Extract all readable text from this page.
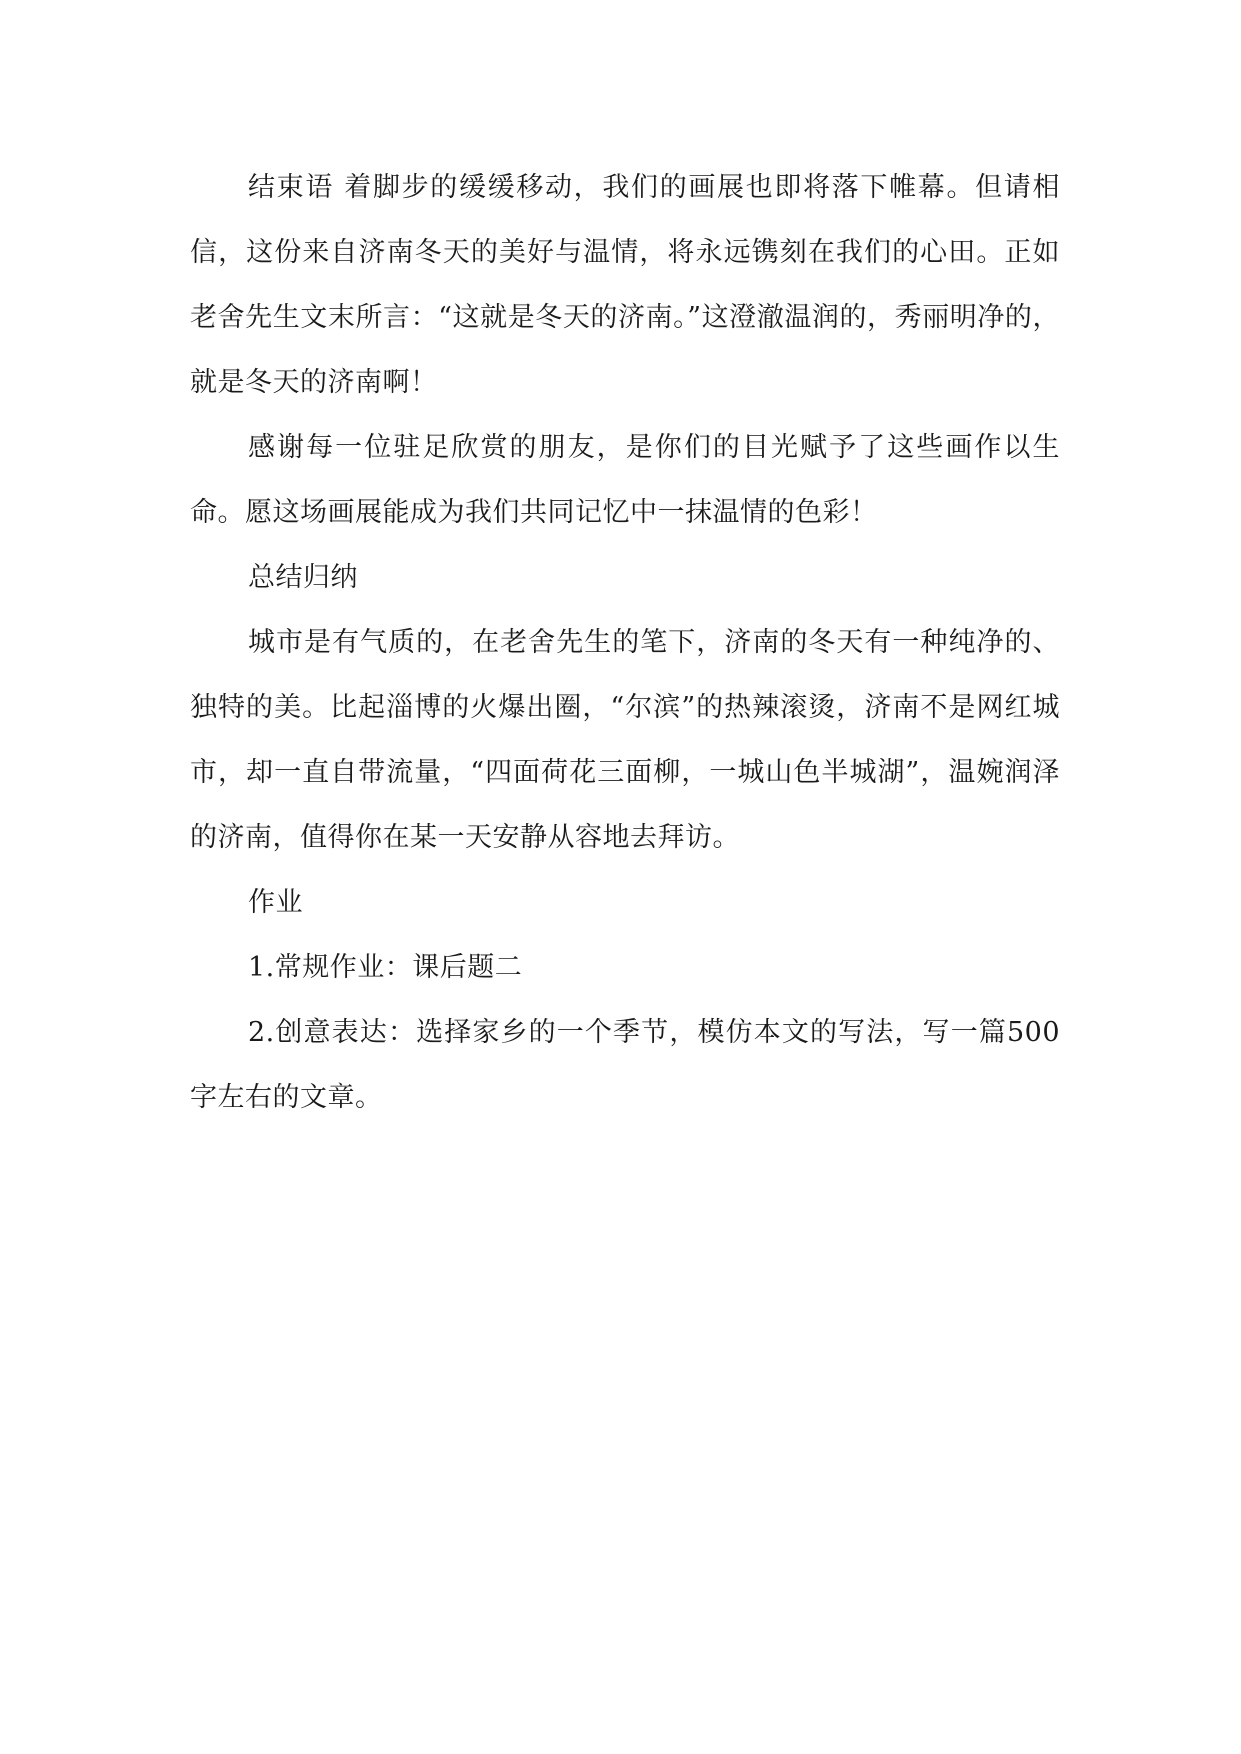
结束语 着脚步的缓缓移动，我们的画展也即将落下帷幕。但请相信，这份来自济南冬天的美好与温情，将永远镌刻在我们的心田。正如老舍先生文末所言：“这就是冬天的济南。”这澄澈温润的，秀丽明净的，就是冬天的济南啊！

感谢每一位驻足欣赏的朋友，是你们的目光赋予了这些画作以生命。愿这场画展能成为我们共同记忆中一抹温情的色彩！

总结归纳

城市是有气质的，在老舍先生的笔下，济南的冬天有一种纯净的、独特的美。比起淄博的火爆出圈，“尔滨”的热辣滚烫，济南不是网红城市，却一直自带流量，“四面荷花三面柳，一城山色半城湖”，温婉润泽的济南，值得你在某一天安静从容地去拜访。

作业

1.常规作业：课后题二

2.创意表达：选择家乡的一个季节，模仿本文的写法，写一篇500字左右的文章。
